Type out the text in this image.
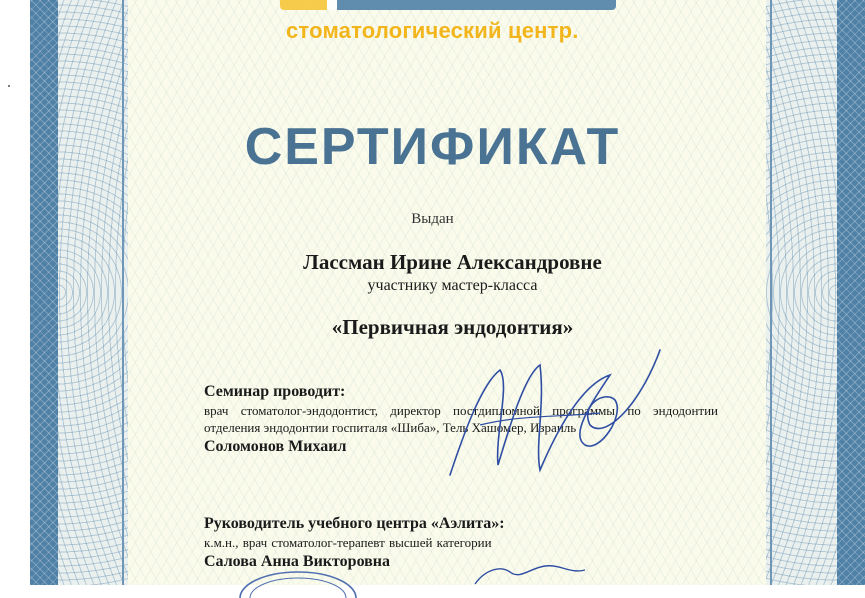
стоматологический центр.
СЕРТИФИКАТ
Выдан
Лассман Ирине Александровне
участнику мастер-класса
«Первичная эндодонтия»
Семинар проводит:
врач стоматолог-эндодонтист, директор постдипломной программы по эндодонтии отделения эндодонтии госпиталя «Шиба», Тель Хашомер, Израиль
Соломонов Михаил
Руководитель учебного центра «Аэлита»:
к.м.н., врач стоматолог-терапевт высшей категории
Салова Анна Викторовна
